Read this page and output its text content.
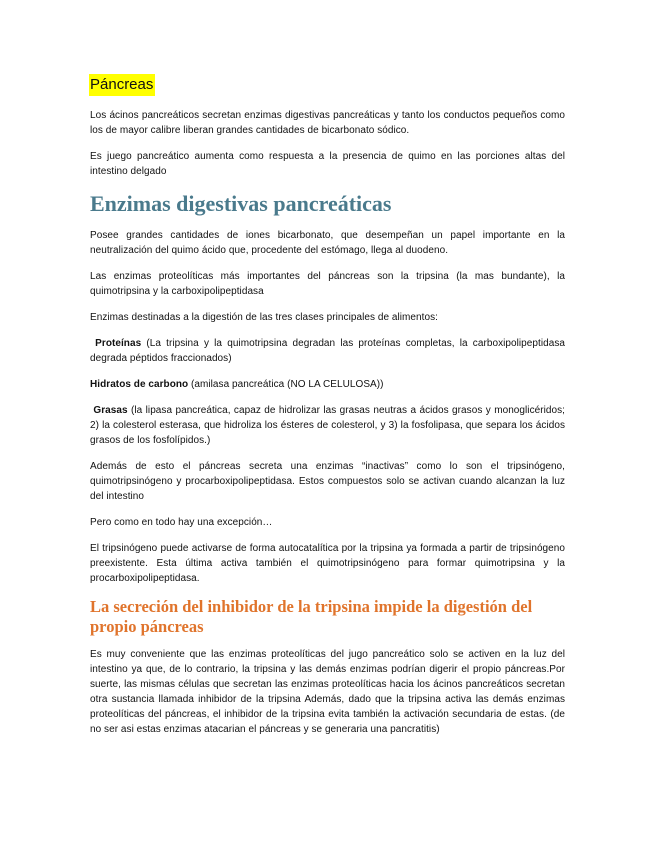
Páncreas

Los ácinos pancreáticos secretan enzimas digestivas pancreáticas y tanto los conductos pequeños como los de mayor calibre liberan grandes cantidades de bicarbonato sódico.

Es juego pancreático aumenta como respuesta a la presencia de quimo en las porciones altas del intestino delgado

Enzimas digestivas pancreáticas

Posee grandes cantidades de iones bicarbonato, que desempeñan un papel importante en la neutralización del quimo ácido que, procedente del estómago, llega al duodeno.

Las enzimas proteolíticas más importantes del páncreas son la tripsina (la mas bundante), la quimotripsina y la carboxipolipeptidasa

Enzimas destinadas a la digestión de las tres clases principales de alimentos:

Proteínas (La tripsina y la quimotripsina degradan las proteínas completas, la carboxipolipeptidasa degrada péptidos fraccionados)

Hidratos de carbono (amilasa pancreática (NO LA CELULOSA))

Grasas (la lipasa pancreática, capaz de hidrolizar las grasas neutras a ácidos grasos y monoglicéridos; 2) la colesterol esterasa, que hidroliza los ésteres de colesterol, y 3) la fosfolipasa, que separa los ácidos grasos de los fosfolípidos.)

Además de esto el páncreas secreta una enzimas “inactivas” como lo son el tripsinógeno, quimotripsinógeno y procarboxipolipeptidasa. Estos compuestos solo se activan cuando alcanzan la luz del intestino

Pero como en todo hay una excepción…

El tripsinógeno puede activarse de forma autocatalítica por la tripsina ya formada a partir de tripsinógeno preexistente. Esta última activa también el quimotripsinógeno para formar quimotripsina y la procarboxipolipeptidasa.

La secreción del inhibidor de la tripsina impide la digestión del propio páncreas

Es muy conveniente que las enzimas proteolíticas del jugo pancreático solo se activen en la luz del intestino ya que, de lo contrario, la tripsina y las demás enzimas podrían digerir el propio páncreas.Por suerte, las mismas células que secretan las enzimas proteolíticas hacia los ácinos pancreáticos secretan otra sustancia llamada inhibidor de la tripsina Además, dado que la tripsina activa las demás enzimas proteolíticas del páncreas, el inhibidor de la tripsina evita también la activación secundaria de estas. (de no ser asi estas enzimas atacarian el páncreas y se generaria una pancratitis)
